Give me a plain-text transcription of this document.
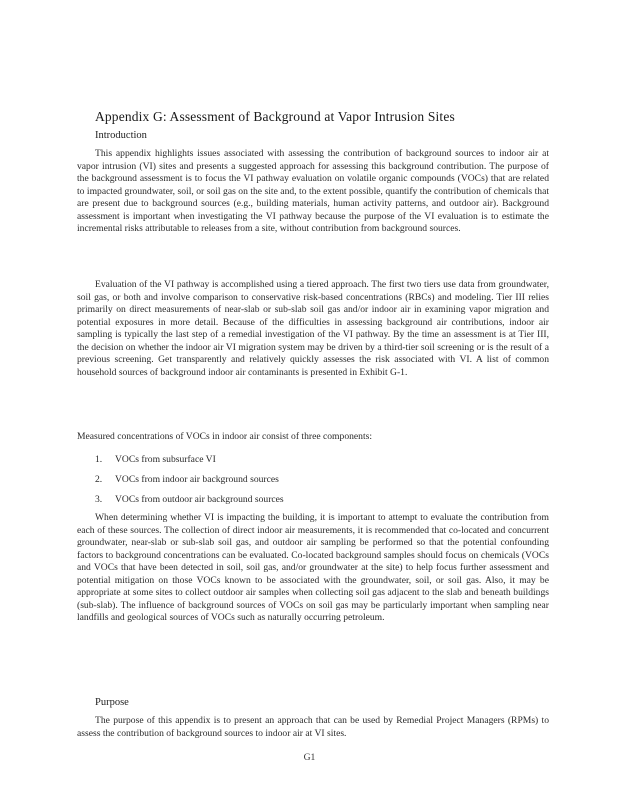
Appendix G: Assessment of Background at Vapor Intrusion Sites
Introduction

This appendix highlights issues associated with assessing the contribution of background sources to indoor air at vapor intrusion (VI) sites and presents a suggested approach for assessing this background contribution. The purpose of the background assessment is to focus the VI pathway evaluation on volatile organic compounds (VOCs) that are related to impacted groundwater, soil, or soil gas on the site and, to the extent possible, quantify the contribution of chemicals that are present due to background sources (e.g., building materials, human activity patterns, and outdoor air). Background assessment is important when investigating the VI pathway because the purpose of the VI evaluation is to estimate the incremental risks attributable to releases from a site, without contribution from background sources.

Evaluation of the VI pathway is accomplished using a tiered approach. The first two tiers use data from groundwater, soil gas, or both and involve comparison to conservative risk-based concentrations (RBCs) and modeling. Tier III relies primarily on direct measurements of near-slab or sub-slab soil gas and/or indoor air in examining vapor migration and potential exposures in more detail. Because of the difficulties in assessing background air contributions, indoor air sampling is typically the last step of a remedial investigation of the VI pathway. By the time an assessment is at Tier III, the decision on whether the indoor air VI migration system may be driven by a third-tier soil screening or is the result of a previous screening. Get transparently and relatively quickly assesses the risk associated with VI. A list of common household sources of background indoor air contaminants is presented in Exhibit G-1.

Measured concentrations of VOCs in indoor air consist of three components:

1. VOCs from subsurface VI
2. VOCs from indoor air background sources
3. VOCs from outdoor air background sources

When determining whether VI is impacting the building, it is important to attempt to evaluate the contribution from each of these sources. The collection of direct indoor air measurements, it is recommended that co-located and concurrent groundwater, near-slab or sub-slab soil gas, and outdoor air sampling be performed so that the potential confounding factors to background concentrations can be evaluated. Co-located background samples should focus on chemicals (VOCs and VOCs that have been detected in soil, soil gas, and/or groundwater at the site) to help focus further assessment and potential mitigation on those VOCs known to be associated with the groundwater, soil, or soil gas. Also, it may be appropriate at some sites to collect outdoor air samples when collecting soil gas adjacent to the slab and beneath buildings (sub-slab). The influence of background sources of VOCs on soil gas may be particularly important when sampling near landfills and geological sources of VOCs such as naturally occurring petroleum.

Purpose

The purpose of this appendix is to present an approach that can be used by Remedial Project Managers (RPMs) to assess the contribution of background sources to indoor air at VI sites.

G1
